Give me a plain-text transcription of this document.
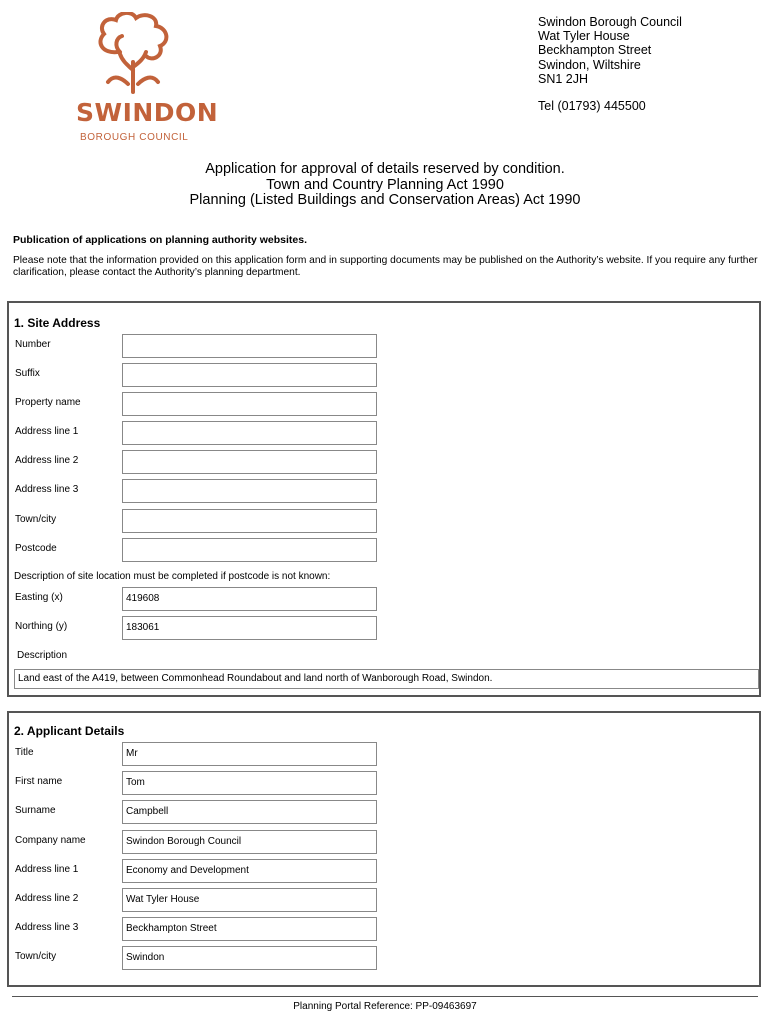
SWINDON
BOROUGH COUNCIL
Swindon Borough Council
Wat Tyler House
Beckhampton Street
Swindon, Wiltshire
SN1 2JH
Tel (01793) 445500
Application for approval of details reserved by condition.
Town and Country Planning Act 1990
Planning (Listed Buildings and Conservation Areas) Act 1990
Publication of applications on planning authority websites.
Please note that the information provided on this application form and in supporting documents may be published on the Authority’s website. If you require any further clarification, please contact the Authority’s planning department.
1. Site Address
Number
Suffix
Property name
Address line 1
Address line 2
Address line 3
Town/city
Postcode
Description of site location must be completed if postcode is not known:
Easting (x)	419608
Northing (y)	183061
Description
Land east of the A419, between Commonhead Roundabout and land north of Wanborough Road, Swindon.
2. Applicant Details
Title	Mr
First name	Tom
Surname	Campbell
Company name	Swindon Borough Council
Address line 1	Economy and Development
Address line 2	Wat Tyler House
Address line 3	Beckhampton Street
Town/city	Swindon
Planning Portal Reference: PP-09463697
